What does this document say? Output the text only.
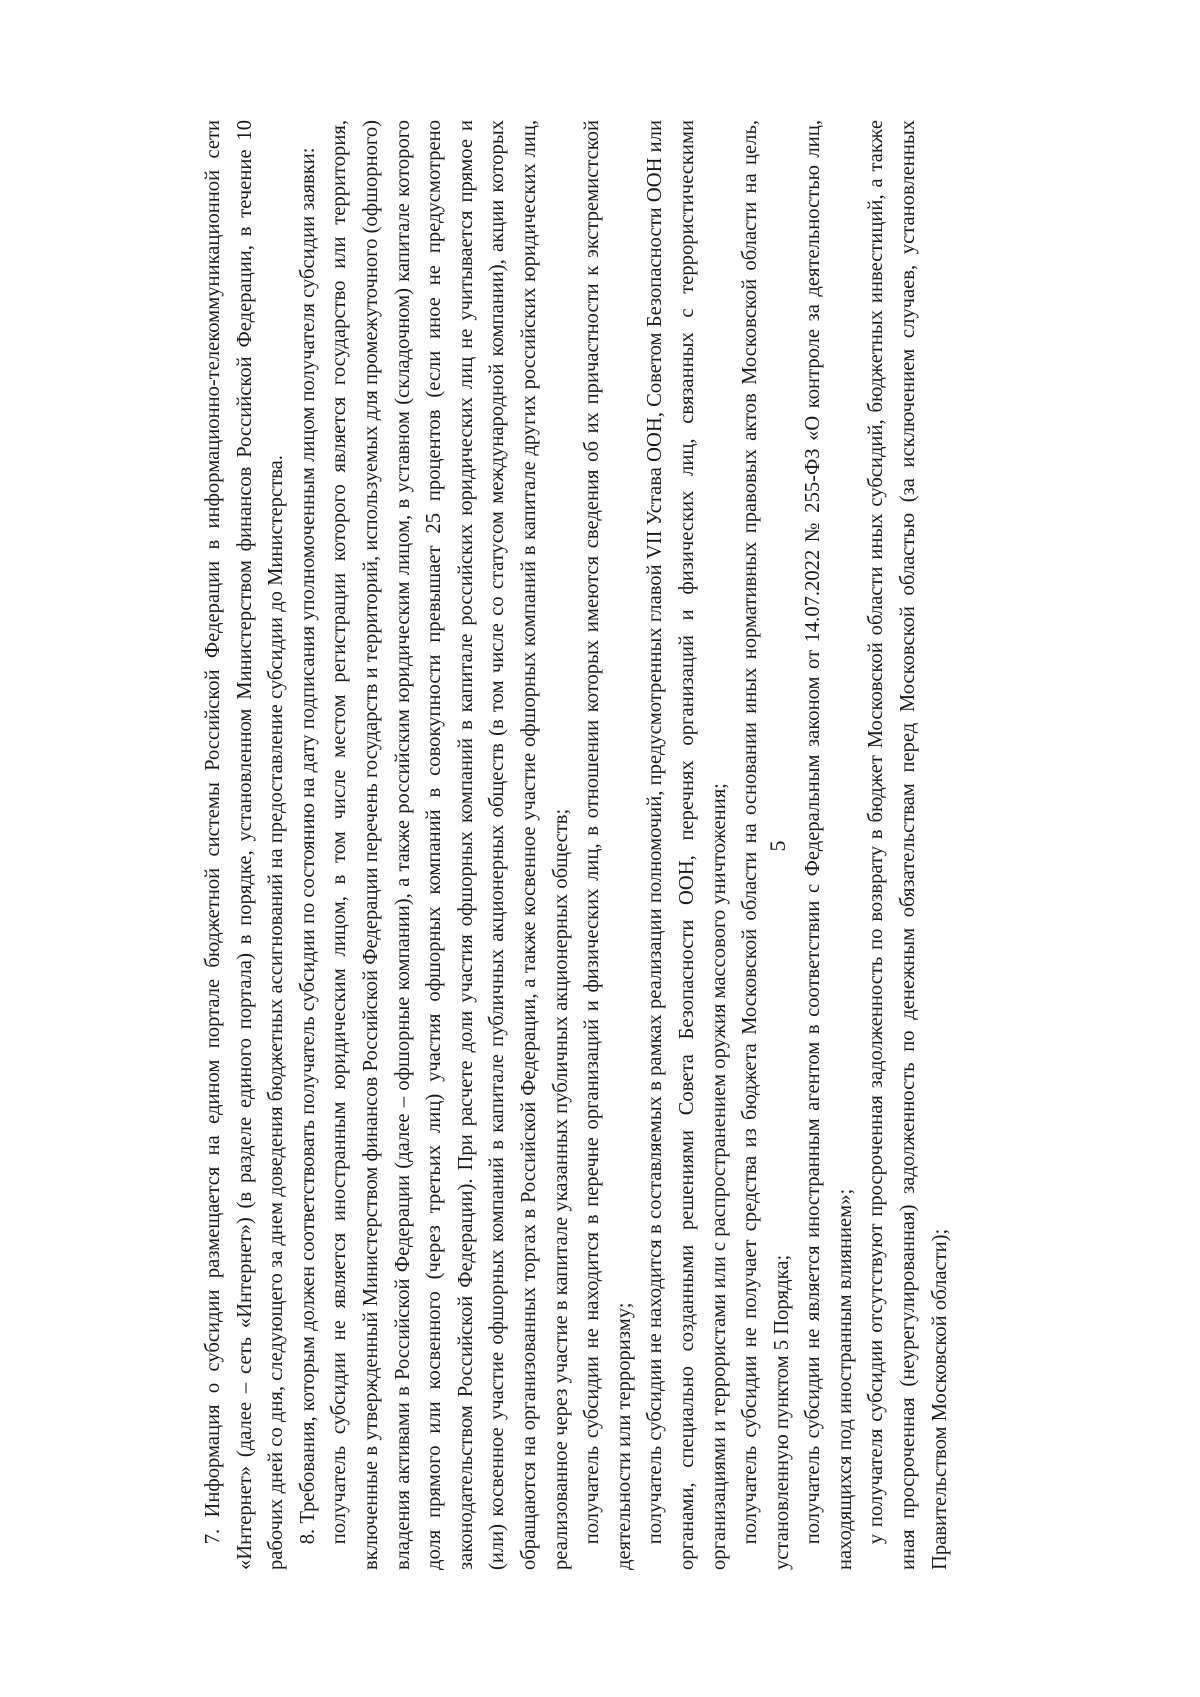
5

7. Информация о субсидии размещается на едином портале бюджетной системы Российской Федерации в информационно-телекоммуникационной сети «Интернет» (далее – сеть «Интернет») (в разделе единого портала) в порядке, установленном Министерством финансов Российской Федерации, в течение 10 рабочих дней со дня, следующего за днем доведения бюджетных ассигнований на предоставление субсидии до Министерства. 8. Требования, которым должен соответствовать получатель субсидии по состоянию на дату подписания уполномоченным лицом получателя субсидии заявки: получатель субсидии не является иностранным юридическим лицом, в том числе местом регистрации которого является государство или территория, включенные в утвержденный Министерством финансов Российской Федерации перечень государств и территорий, используемых для промежуточного (офшорного) владения активами в Российской Федерации (далее – офшорные компании), а также российским юридическим лицом, в уставном (складочном) капитале которого доля прямого или косвенного (через третьих лиц) участия офшорных компаний в совокупности превышает 25 процентов (если иное не предусмотрено законодательством Российской Федерации). При расчете доли участия офшорных компаний в капитале российских юридических лиц не учитывается прямое и (или) косвенное участие офшорных компаний в капитале публичных акционерных обществ (в том числе со статусом международной компании), акции которых обращаются на организованных торгах в Российской Федерации, а также косвенное участие офшорных компаний в капитале других российских юридических лиц, реализованное через участие в капитале указанных публичных акционерных обществ; получатель субсидии не находится в перечне организаций и физических лиц, в отношении которых имеются сведения об их причастности к экстремистской деятельности или терроризму; получатель субсидии не находится в составляемых в рамках реализации полномочий, предусмотренных главой VII Устава ООН, Советом Безопасности ООН или органами, специально созданными решениями Совета Безопасности ООН, перечнях организаций и физических лиц, связанных с террористическими организациями и террористами или с распространением оружия массового уничтожения; получатель субсидии не получает средства из бюджета Московской области на основании иных нормативных правовых актов Московской области на цель, установленную пунктом 5 Порядка; получатель субсидии не является иностранным агентом в соответствии с Федеральным законом от 14.07.2022 № 255-ФЗ «О контроле за деятельностью лиц, находящихся под иностранным влиянием»; у получателя субсидии отсутствуют просроченная задолженность по возврату в бюджет Московской области иных субсидий, бюджетных инвестиций, а также иная просроченная (неурегулированная) задолженность по денежным обязательствам перед Московской областью (за исключением случаев, установленных Правительством Московской области);
